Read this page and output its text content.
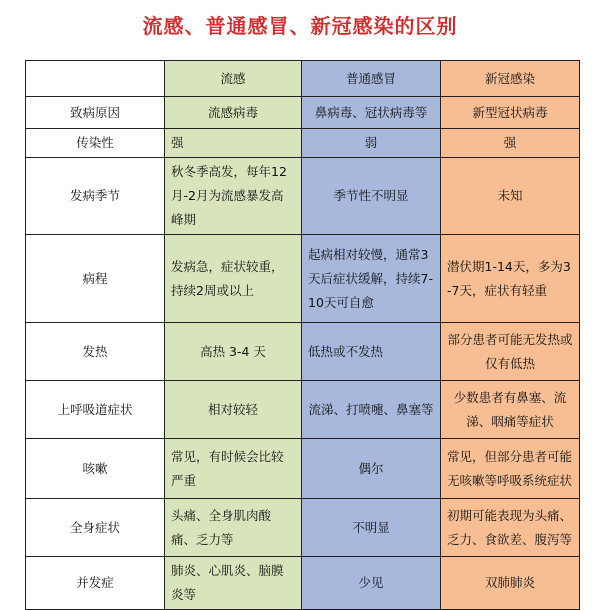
流感、普通感冒、新冠感染的区别
	流感	普通感冒	新冠感染
致病原因	流感病毒	鼻病毒、冠状病毒等	新型冠状病毒
传染性	强	弱	强
发病季节	秋冬季高发，每年12月-2月为流感暴发高峰期	季节性不明显	未知
病程	发病急，症状较重，持续2周或以上	起病相对较慢，通常3天后症状缓解，持续7-10天可自愈	潜伏期1-14天，多为3-7天，症状有轻重
发热	高热 3-4 天	低热或不发热	部分患者可能无发热或仅有低热
上呼吸道症状	相对较轻	流涕、打喷嚏、鼻塞等	少数患者有鼻塞、流涕、咽痛等症状
咳嗽	常见，有时候会比较严重	偶尔	常见，但部分患者可能无咳嗽等呼吸系统症状
全身症状	头痛、全身肌肉酸痛、乏力等	不明显	初期可能表现为头痛、乏力、食欲差、腹泻等
并发症	肺炎、心肌炎、脑膜炎等	少见	双肺肺炎
